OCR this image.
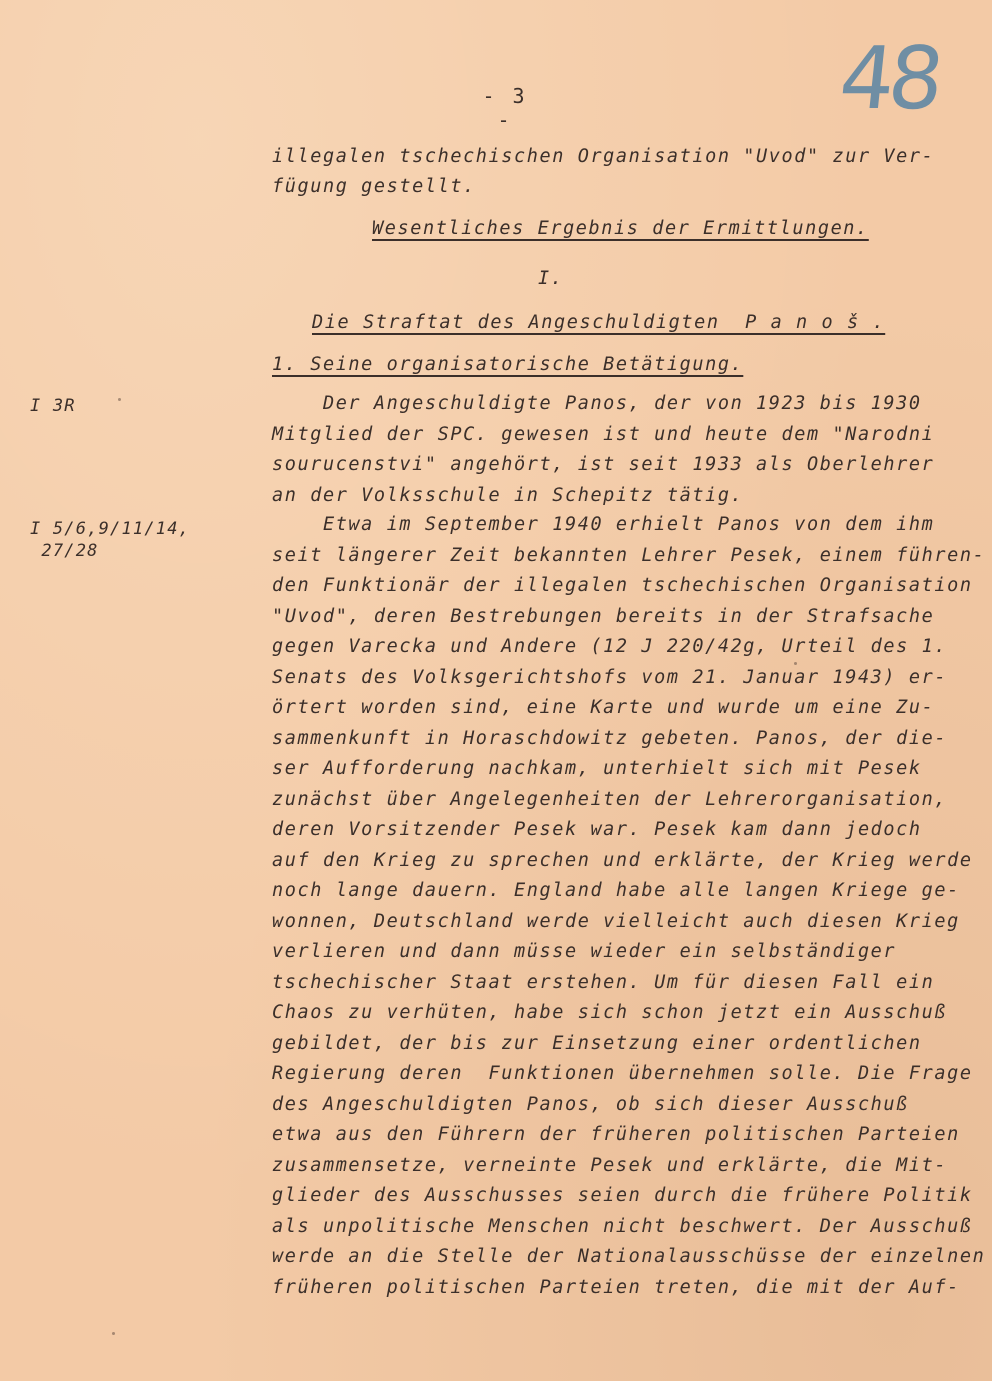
48
- 3 -
illegalen tschechischen Organisation "Uvod" zur Ver-
fügung gestellt.
Wesentliches Ergebnis der Ermittlungen.
I.
Die Straftat des Angeschuldigten  P a n o š .
1. Seine organisatorische Betätigung.
I 3R
I 5/6,9/11/14,
27/28
Der Angeschuldigte Panos, der von 1923 bis 1930
Mitglied der SPC. gewesen ist und heute dem "Narodni
sourucenstvi" angehört, ist seit 1933 als Oberlehrer
an der Volksschule in Schepitz tätig.
Etwa im September 1940 erhielt Panos von dem ihm
seit längerer Zeit bekannten Lehrer Pesek, einem führen-
den Funktionär der illegalen tschechischen Organisation
"Uvod", deren Bestrebungen bereits in der Strafsache
gegen Varecka und Andere (12 J 220/42g, Urteil des 1.
Senats des Volksgerichtshofs vom 21. Januar 1943) er-
örtert worden sind, eine Karte und wurde um eine Zu-
sammenkunft in Horaschdowitz gebeten. Panos, der die-
ser Aufforderung nachkam, unterhielt sich mit Pesek
zunächst über Angelegenheiten der Lehrerorganisation,
deren Vorsitzender Pesek war. Pesek kam dann jedoch
auf den Krieg zu sprechen und erklärte, der Krieg werde
noch lange dauern. England habe alle langen Kriege ge-
wonnen, Deutschland werde vielleicht auch diesen Krieg
verlieren und dann müsse wieder ein selbständiger
tschechischer Staat erstehen. Um für diesen Fall ein
Chaos zu verhüten, habe sich schon jetzt ein Ausschuß
gebildet, der bis zur Einsetzung einer ordentlichen
Regierung deren  Funktionen übernehmen solle. Die Frage
des Angeschuldigten Panos, ob sich dieser Ausschuß
etwa aus den Führern der früheren politischen Parteien
zusammensetze, verneinte Pesek und erklärte, die Mit-
glieder des Ausschusses seien durch die frühere Politik
als unpolitische Menschen nicht beschwert. Der Ausschuß
werde an die Stelle der Nationalausschüsse der einzelnen
früheren politischen Parteien treten, die mit der Auf-
